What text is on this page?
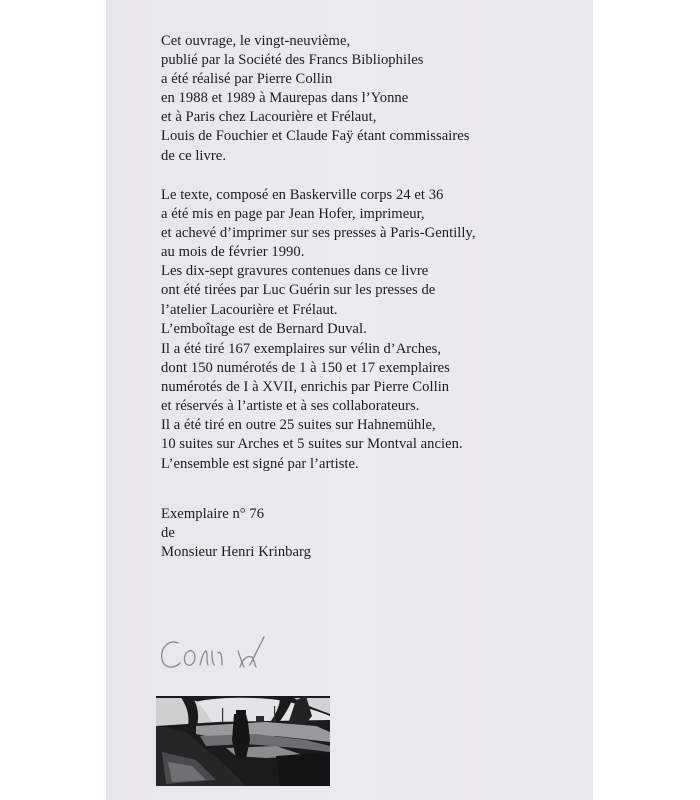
Cet ouvrage, le vingt-neuvième,
publié par la Société des Francs Bibliophiles
a été réalisé par Pierre Collin
en 1988 et 1989 à Maurepas dans l’Yonne
et à Paris chez Lacourière et Frélaut,
Louis de Fouchier et Claude Faÿ étant commissaires
de ce livre.
Le texte, composé en Baskerville corps 24 et 36
a été mis en page par Jean Hofer, imprimeur,
et achevé d’imprimer sur ses presses à Paris-Gentilly,
au mois de février 1990.
Les dix-sept gravures contenues dans ce livre
ont été tirées par Luc Guérin sur les presses de
l’atelier Lacourière et Frélaut.
L’emboîtage est de Bernard Duval.
Il a été tiré 167 exemplaires sur vélin d’Arches,
dont 150 numérotés de 1 à 150 et 17 exemplaires
numérotés de I à XVII, enrichis par Pierre Collin
et réservés à l’artiste et à ses collaborateurs.
Il a été tiré en outre 25 suites sur Hahnemühle,
10 suites sur Arches et 5 suites sur Montval ancien.
L’ensemble est signé par l’artiste.
Exemplaire n° 76
de
Monsieur Henri Krinbarg
